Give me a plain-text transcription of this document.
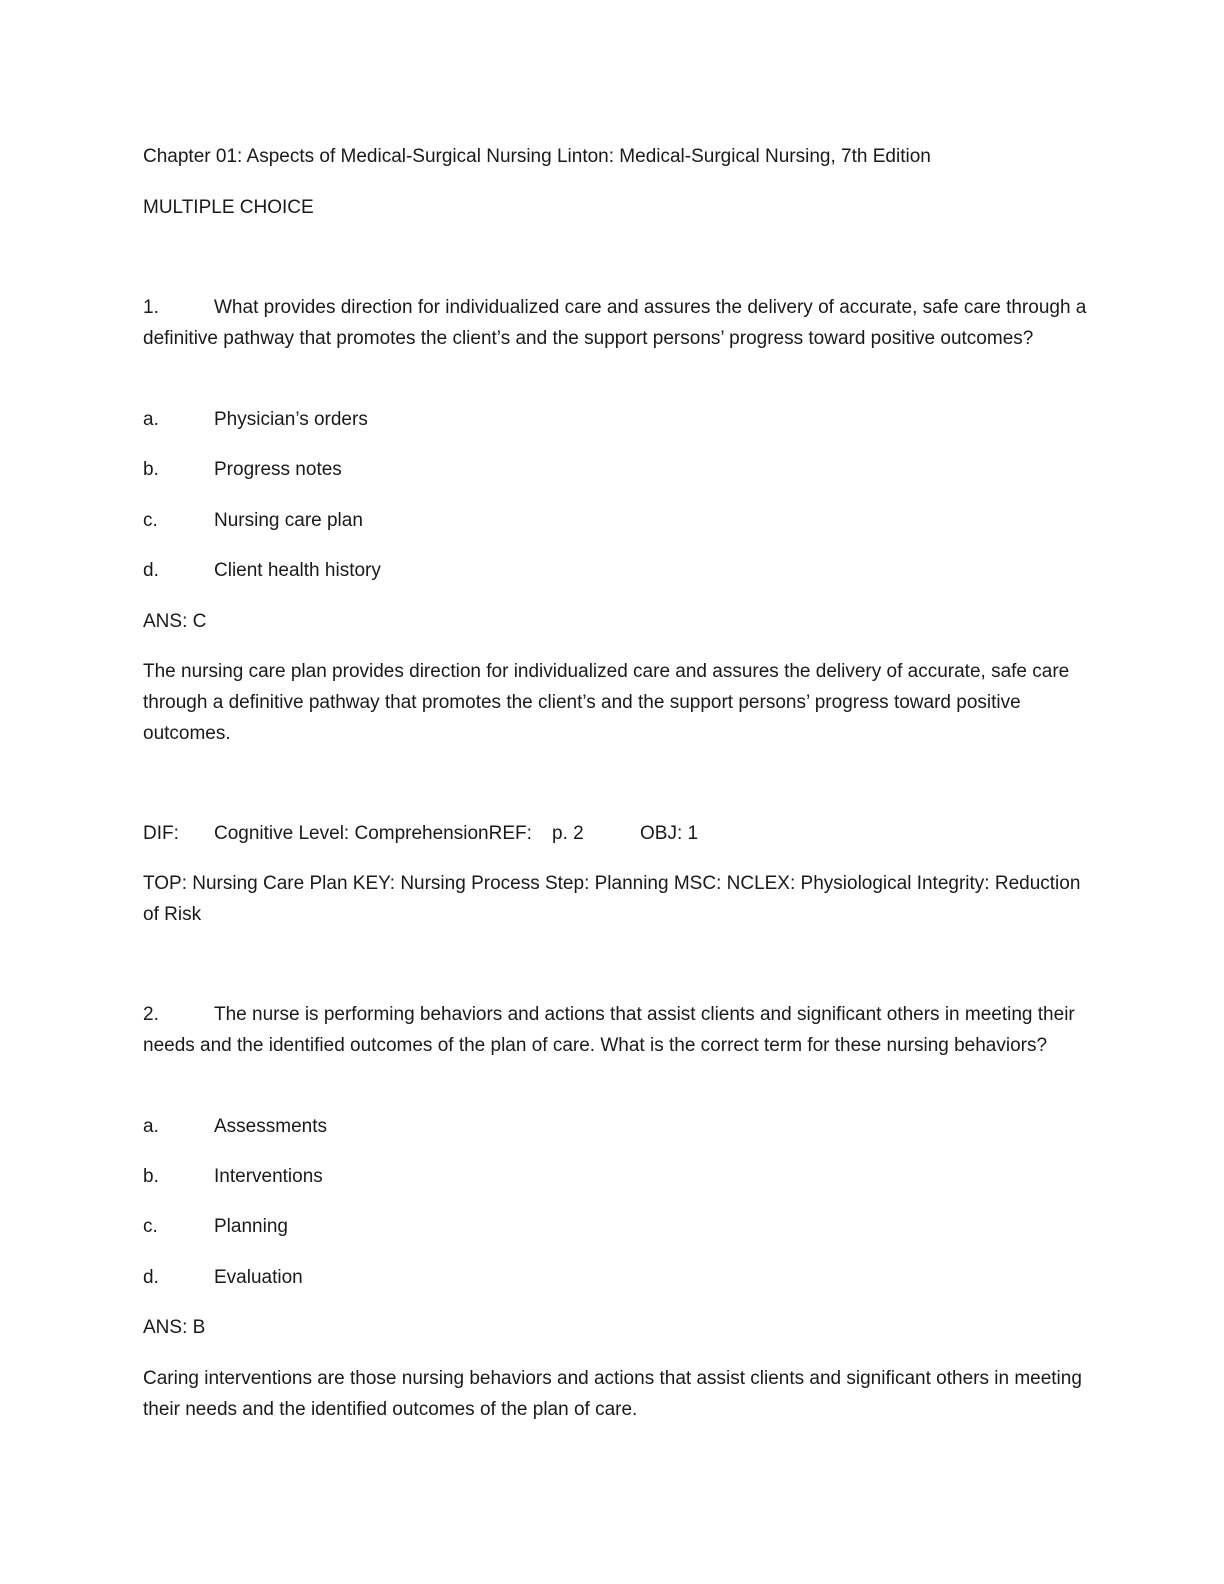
Chapter 01: Aspects of Medical-Surgical Nursing Linton: Medical-Surgical Nursing, 7th Edition
MULTIPLE CHOICE
1.	What provides direction for individualized care and assures the delivery of accurate, safe care through a definitive pathway that promotes the client’s and the support persons’ progress toward positive outcomes?
a.	Physician’s orders
b.	Progress notes
c.	Nursing care plan
d.	Client health history
ANS: C
The nursing care plan provides direction for individualized care and assures the delivery of accurate, safe care through a definitive pathway that promotes the client’s and the support persons’ progress toward positive outcomes.
DIF: Cognitive Level: ComprehensionREF: p. 2	OBJ: 1
TOP: Nursing Care Plan KEY: Nursing Process Step: Planning MSC: NCLEX: Physiological Integrity: Reduction of Risk
2.	The nurse is performing behaviors and actions that assist clients and significant others in meeting their needs and the identified outcomes of the plan of care. What is the correct term for these nursing behaviors?
a.	Assessments
b.	Interventions
c.	Planning
d.	Evaluation
ANS: B
Caring interventions are those nursing behaviors and actions that assist clients and significant others in meeting their needs and the identified outcomes of the plan of care.
